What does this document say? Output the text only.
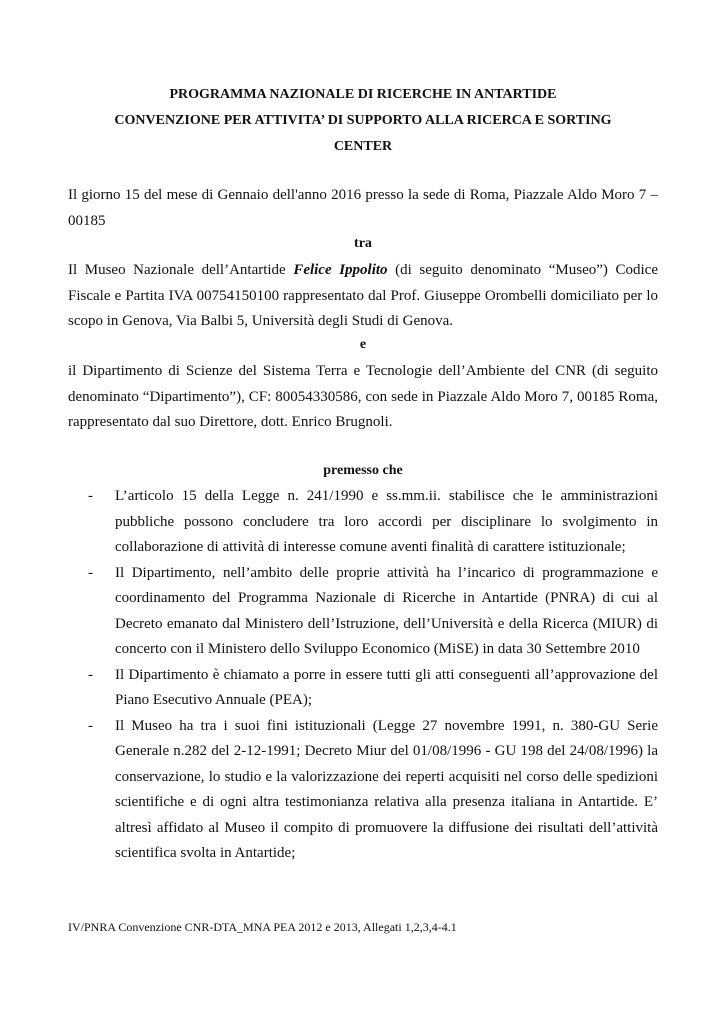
PROGRAMMA NAZIONALE DI RICERCHE IN ANTARTIDE
CONVENZIONE PER ATTIVITA’ DI SUPPORTO ALLA RICERCA E SORTING
CENTER
Il giorno 15 del mese di Gennaio dell'anno 2016 presso la sede di Roma, Piazzale Aldo Moro 7 – 00185
tra
Il Museo Nazionale dell’Antartide Felice Ippolito (di seguito denominato “Museo”) Codice Fiscale e Partita IVA 00754150100 rappresentato dal Prof. Giuseppe Orombelli domiciliato per lo scopo in Genova, Via Balbi 5, Università degli Studi di Genova.
e
il Dipartimento di Scienze del Sistema Terra e Tecnologie dell’Ambiente del CNR (di seguito denominato “Dipartimento”), CF: 80054330586, con sede in Piazzale Aldo Moro 7, 00185 Roma, rappresentato dal suo Direttore, dott. Enrico Brugnoli.
premesso che
- L’articolo 15 della Legge n. 241/1990 e ss.mm.ii. stabilisce che le amministrazioni pubbliche possono concludere tra loro accordi per disciplinare lo svolgimento in collaborazione di attività di interesse comune aventi finalità di carattere istituzionale;
- Il Dipartimento, nell’ambito delle proprie attività ha l’incarico di programmazione e coordinamento del Programma Nazionale di Ricerche in Antartide (PNRA) di cui al Decreto emanato dal Ministero dell’Istruzione, dell’Università e della Ricerca (MIUR) di concerto con il Ministero dello Sviluppo Economico (MiSE) in data 30 Settembre 2010
- Il Dipartimento è chiamato a porre in essere tutti gli atti conseguenti all’approvazione del Piano Esecutivo Annuale (PEA);
- Il Museo ha tra i suoi fini istituzionali (Legge 27 novembre 1991, n. 380-GU Serie Generale n.282 del 2-12-1991; Decreto Miur del 01/08/1996 - GU 198 del 24/08/1996) la conservazione, lo studio e la valorizzazione dei reperti acquisiti nel corso delle spedizioni scientifiche e di ogni altra testimonianza relativa alla presenza italiana in Antartide. E’ altresì affidato al Museo il compito di promuovere la diffusione dei risultati dell’attività scientifica svolta in Antartide;
IV/PNRA Convenzione CNR-DTA_MNA PEA 2012 e 2013, Allegati 1,2,3,4-4.1
